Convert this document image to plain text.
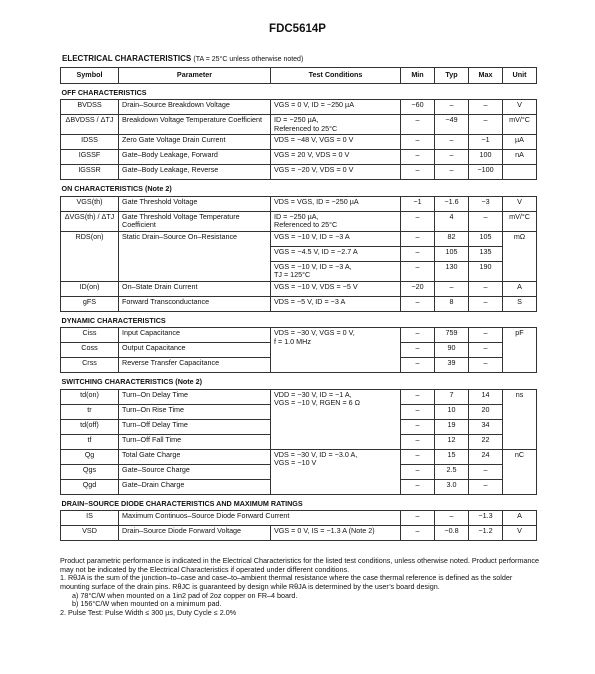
FDC5614P
ELECTRICAL CHARACTERISTICS (TA = 25°C unless otherwise noted)
Symbol	Parameter	Test Conditions	Min	Typ	Max	Unit
OFF CHARACTERISTICS						
BVDSS	Drain–Source Breakdown Voltage	VGS = 0 V, ID = −250 µA	−60	–	–	V
ΔBVDSS / ΔTJ	Breakdown Voltage Temperature Coefficient	ID = −250 µA,
Referenced to 25°C	–	−49	–	mV/°C
IDSS	Zero Gate Voltage Drain Current	VDS = −48 V, VGS = 0 V	–	–	−1	µA
IGSSF	Gate–Body Leakage, Forward	VGS = 20 V, VDS = 0 V	–	–	100	nA
IGSSR	Gate–Body Leakage, Reverse	VGS = −20 V, VDS = 0 V	–	–	−100	
ON CHARACTERISTICS (Note 2)						
VGS(th)	Gate Threshold Voltage	VDS = VGS, ID = −250 µA	−1	−1.6	−3	V
ΔVGS(th) / ΔTJ	Gate Threshold Voltage Temperature Coefficient	ID = −250 µA,
Referenced to 25°C	–	4	–	mV/°C
RDS(on)	Static Drain–Source On–Resistance	VGS = −10 V, ID = −3 A	–	82	105	mΩ
		VGS = −4.5 V, ID = −2.7 A	–	105	135	

		VGS = −10 V, ID = −3 A,
TJ = 125°C	–	130	190	
ID(on)	On–State Drain Current	VGS = −10 V, VDS = −5 V	−20	–	–	A
gFS	Forward Transconductance	VDS = −5 V, ID = −3 A	–	8	–	S
DYNAMIC CHARACTERISTICS						
Ciss	Input Capacitance	VDS = −30 V, VGS = 0 V,
f = 1.0 MHz	–	759	–	pF
Coss	Output Capacitance		–	90	–	
Crss	Reverse Transfer Capacitance		–	39	–	
SWITCHING CHARACTERISTICS (Note 2)						
td(on)	Turn–On Delay Time	VDD = −30 V, ID = −1 A,
VGS = −10 V, RGEN = 6 Ω	–	7	14	ns
tr	Turn–On Rise Time		–	10	20	
td(off)	Turn–Off Delay Time		–	19	34	
tf	Turn–Off Fall Time		–	12	22	
Qg	Total Gate Charge	VDS = −30 V, ID = −3.0 A,
VGS = −10 V	–	15	24	nC
Qgs	Gate–Source Charge		–	2.5	–	
Qgd	Gate–Drain Charge		–	3.0	–	
DRAIN–SOURCE DIODE CHARACTERISTICS AND MAXIMUM RATINGS						
IS	Maximum Continuos–Source Diode Forward Current		–	–	−1.3	A
VSD	Drain–Source Diode Forward Voltage	VGS = 0 V, IS = −1.3 A (Note 2)	–	−0.8	−1.2	V
Product parametric performance is indicated in the Electrical Characteristics for the listed test conditions, unless otherwise noted. Product performance may not be indicated by the Electrical Characteristics if operated under different conditions.
1. RθJA is the sum of the junction–to–case and case–to–ambient thermal resistance where the case thermal reference is defined as the solder mounting surface of the drain pins. RθJC is guaranteed by design while RθJA is determined by the user’s board design.
a) 78°C/W when mounted on a 1in2 pad of 2oz copper on FR–4 board.
b) 156°C/W when mounted on a minimum pad.
2. Pulse Test: Pulse Width ≤ 300 µs, Duty Cycle ≤ 2.0%
